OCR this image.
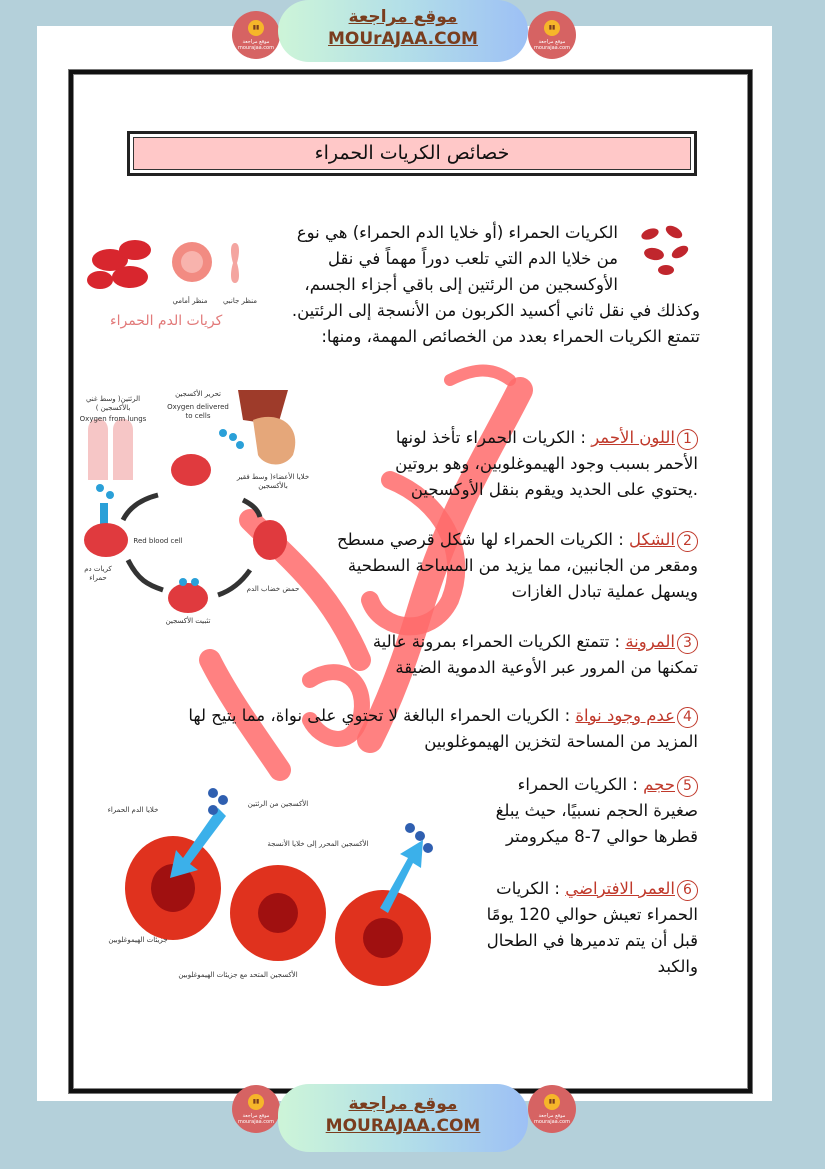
▮▮
موقع مراجعة mourajaa.com
موقع مراجعة
MOUrAJAA.COM
▮▮
موقع مراجعة mourajaa.com
خصائص الكريات الحمراء
الكريات الحمراء (أو خلايا الدم الحمراء) هي نوع
من خلايا الدم التي تلعب دوراً مهماً في نقل
الأوكسجين من الرئتين إلى باقي أجزاء الجسم،
وكذلك في نقل ثاني أكسيد الكربون من الأنسجة إلى الرئتين.
تتمتع الكريات الحمراء بعدد من الخصائص المهمة، ومنها:
منظر أمامي	منظر جانبي
كريات الدم الحمراء
الرئتين( وسط غني بالأكسجين )
Oxygen from lungs
تحرير الأكسجين
Oxygen delivered to cells
خلايا الأعضاء( وسط فقير بالأكسجين
Red blood cell
كريات دم حمراء
حمض خضاب الدم
تثبيت الأكسجين
1اللون الأحمر : الكريات الحمراء تأخذ لونها
الأحمر بسبب وجود الهيموغلوبين، وهو بروتين
.يحتوي على الحديد ويقوم بنقل الأوكسجين
2الشكل : الكريات الحمراء لها شكل قرصي مسطح
ومقعر من الجانبين، مما يزيد من المساحة السطحية
ويسهل عملية تبادل الغازات
3المرونة : تتمتع الكريات الحمراء بمرونة عالية
تمكنها من المرور عبر الأوعية الدموية الضيقة
4عدم وجود نواة : الكريات الحمراء البالغة لا تحتوي على نواة، مما يتيح لها
المزيد من المساحة لتخزين الهيموغلوبين
5حجم : الكريات الحمراء
صغيرة الحجم نسبيًا، حيث يبلغ
قطرها حوالي 7-8 ميكرومتر
6العمر الافتراضي : الكريات
الحمراء تعيش حوالي 120 يومًا
قبل أن يتم تدميرها في الطحال
والكبد
خلايا الدم الحمراء
الأكسجين من الرئتين
الأكسجين المحرر إلى خلايا الأنسجة
جزيئات الهيموغلوبين
الأكسجين المتحد مع جزيئات الهيموغلوبين
▮▮
موقع مراجعة mourajaa.com
موقع مراجعة
MOURAJAA.COM
▮▮
موقع مراجعة mourajaa.com
